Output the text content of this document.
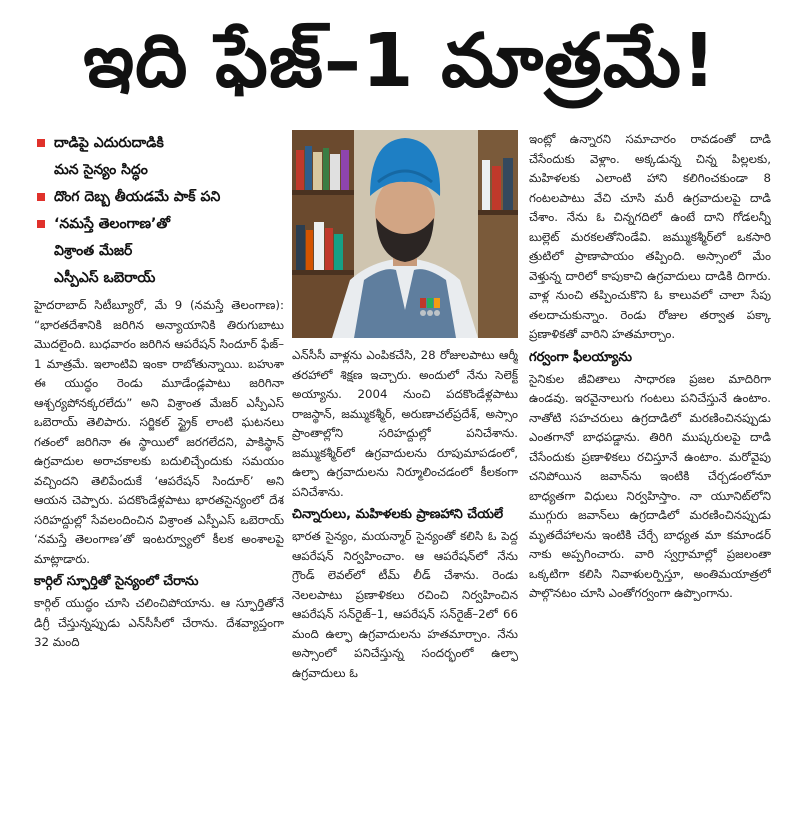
ఇది ఫేజ్‌–1 మాత్రమే!
దాడిపై ఎదురుదాడికి
మన సైన్యం సిద్ధం
దొంగ దెబ్బ తీయడమే పాక్‌ పని
‘నమస్తే తెలంగాణ’తో
విశ్రాంత మేజర్‌
ఎస్పీఎస్‌ ఒబెరాయ్‌

హైదరాబాద్‌ సిటీబ్యూరో, మే 9 (నమస్తే తెలంగాణ): “భారతదేశానికి జరిగిన అన్యాయానికి తిరుగుబాటు మొదలైంది. బుధవారం జరిగిన ఆపరేషన్‌ సిందూర్‌ ఫేజ్‌–1 మాత్రమే. ఇలాంటివి ఇంకా రాబోతున్నాయి. బహుశా ఈ యుద్ధం రెండు మూడేండ్లపాటు జరిగినా ఆశ్చర్యపోనక్కరలేదు” అని విశ్రాంత మేజర్‌ ఎస్పీఎస్‌ ఒబెరాయ్‌ తెలిపారు. సర్జికల్‌ స్ట్రైక్‌ లాంటి ఘటనలు గతంలో జరిగినా ఈ స్థాయిలో జరగలేదని, పాకిస్థాన్‌ ఉగ్రవాదుల అరాచకాలకు బదులిచ్చేందుకు సమయం వచ్చిందని తెలిపేందుకే ‘ఆపరేషన్‌ సిందూర్‌’ అని ఆయన చెప్పారు. పదకొండేళ్లపాటు భారతసైన్యంలో దేశ సరిహద్దుల్లో సేవలందించిన విశ్రాంత ఎస్పీఎస్‌ ఒబెరాయ్‌ ‘నమస్తే తెలంగాణ’తో ఇంటర్వ్యూలో కీలక అంశాలపై మాట్లాడారు.

కార్గిల్‌ స్ఫూర్తితో సైన్యంలో చేరాను

కార్గిల్‌ యుద్ధం చూసి చలించిపోయాను. ఆ స్ఫూర్తితోనే డిగ్రీ చేస్తున్నప్పుడు ఎన్‌సీసీలో చేరాను. దేశవ్యాప్తంగా 32 మంది

ఎన్‌సీసీ వాళ్లను ఎంపికచేసి, 28 రోజులపాటు ఆర్మీ తరహాలో శిక్షణ ఇచ్చారు. అందులో నేను సెలెక్ట్‌ అయ్యాను. 2004 నుంచి పదకొండేళ్లపాటు రాజస్థాన్‌, జమ్ముకశ్మీర్‌, అరుణాచల్‌ప్రదేశ్‌, అస్సాం ప్రాంతాల్లోని సరిహద్దుల్లో పనిచేశాను. జమ్ముకశ్మీర్‌లో ఉగ్రవాదులను రూపుమాపడంలో, ఉల్ఫా ఉగ్రవాదులను నిర్మూలించడంలో కీలకంగా పనిచేశాను.

చిన్నారులు, మహిళలకు ప్రాణహాని చేయలే

భారత సైన్యం, మయన్మార్‌ సైన్యంతో కలిసి ఓ పెద్ద ఆపరేషన్‌ నిర్వహించాం. ఆ ఆపరేషన్‌లో నేను గ్రౌండ్‌ లెవల్‌లో టీమ్‌ లీడ్‌ చేశాను. రెండు నెలలపాటు ప్రణాళికలు రచించి నిర్వహించిన ఆపరేషన్‌ సన్‌రైజ్‌–1, ఆపరేషన్‌ సన్‌రైజ్‌–2లో 66 మంది ఉల్ఫా ఉగ్రవాదులను హతమార్చాం. నేను అస్సాంలో పనిచేస్తున్న సందర్భంలో ఉల్ఫా ఉగ్రవాదులు ఓ

ఇంట్లో ఉన్నారని సమాచారం రావడంతో దాడి చేసేందుకు వెళ్లాం. అక్కడున్న చిన్న పిల్లలకు, మహిళలకు ఎలాంటి హాని కలిగించకుండా 8 గంటలపాటు వేచి చూసి మరీ ఉగ్రవాదులపై దాడి చేశాం. నేను ఓ చిన్నగదిలో ఉంటే దాని గోడలన్నీ బుల్లెట్‌ మరకలతోనిండేవి. జమ్ముకశ్మీర్‌లో ఒకసారి త్రుటిలో ప్రాణాపాయం తప్పింది. అస్సాంలో మేం వెళ్తున్న దారిలో కాపుకాచి ఉగ్రవాదులు దాడికి దిగారు. వాళ్ల నుంచి తప్పించుకొని ఓ కాలువలో చాలా సేపు తలదాచుకున్నాం. రెండు రోజుల తర్వాత పక్కా ప్రణాళికతో వారిని హతమార్చాం.

గర్వంగా ఫీలయ్యాను

సైనికుల జీవితాలు సాధారణ ప్రజల మాదిరిగా ఉండవు. ఇరవైనాలుగు గంటలు పనిచేస్తునే ఉంటాం. నాతోటి సహచరులు ఉగ్రదాడిలో మరణించినప్పుడు ఎంతగానో బాధపడ్డాను. తిరిగి ముష్కరులపై దాడి చేసేందుకు ప్రణాళికలు రచిస్తూనే ఉంటాం. మరోవైపు చనిపోయిన జవాన్‌ను ఇంటికి చేర్చడంలోనూ బాధ్యతగా విధులు నిర్వహిస్తాం. నా యూనిట్‌లోని ముగ్గురు జవాన్‌లు ఉగ్రదాడిలో మరణించినప్పుడు మృతదేహాలను ఇంటికి చేర్చే బాధ్యత మా కమాండర్‌ నాకు అప్పగించారు. వారి స్వగ్రామాల్లో ప్రజలంతా ఒక్కటిగా కలిసి నివాళులర్పిస్తూ, అంతిమయాత్రలో పాల్గొనటం చూసి ఎంతోగర్వంగా ఉప్పొంగాను.
